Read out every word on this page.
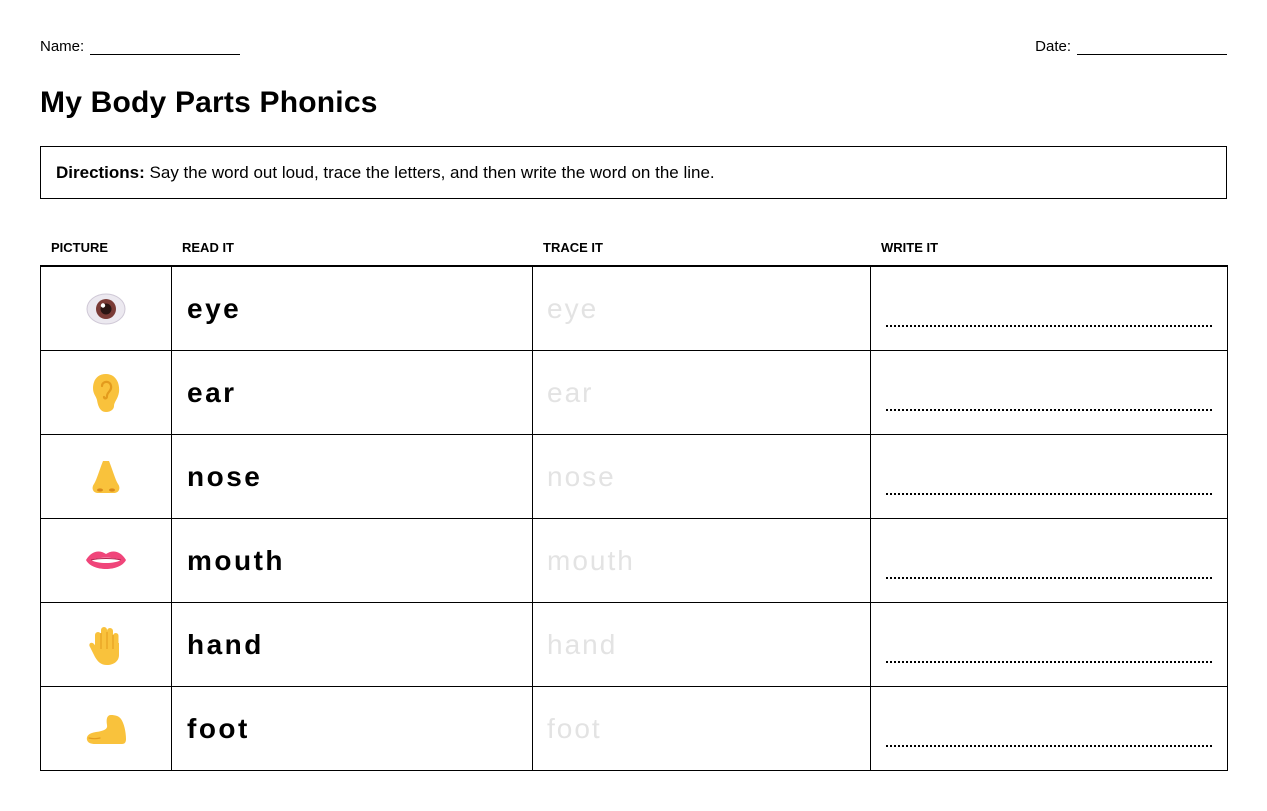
Name:	Date:
My Body Parts Phonics
Directions: Say the word out loud, trace the letters, and then write the word on the line.
PICTURE	READ IT	TRACE IT	WRITE IT
	eye	eye	

	ear	ear	

	nose	nose	

	mouth	mouth	

	hand	hand	

	foot	foot	
